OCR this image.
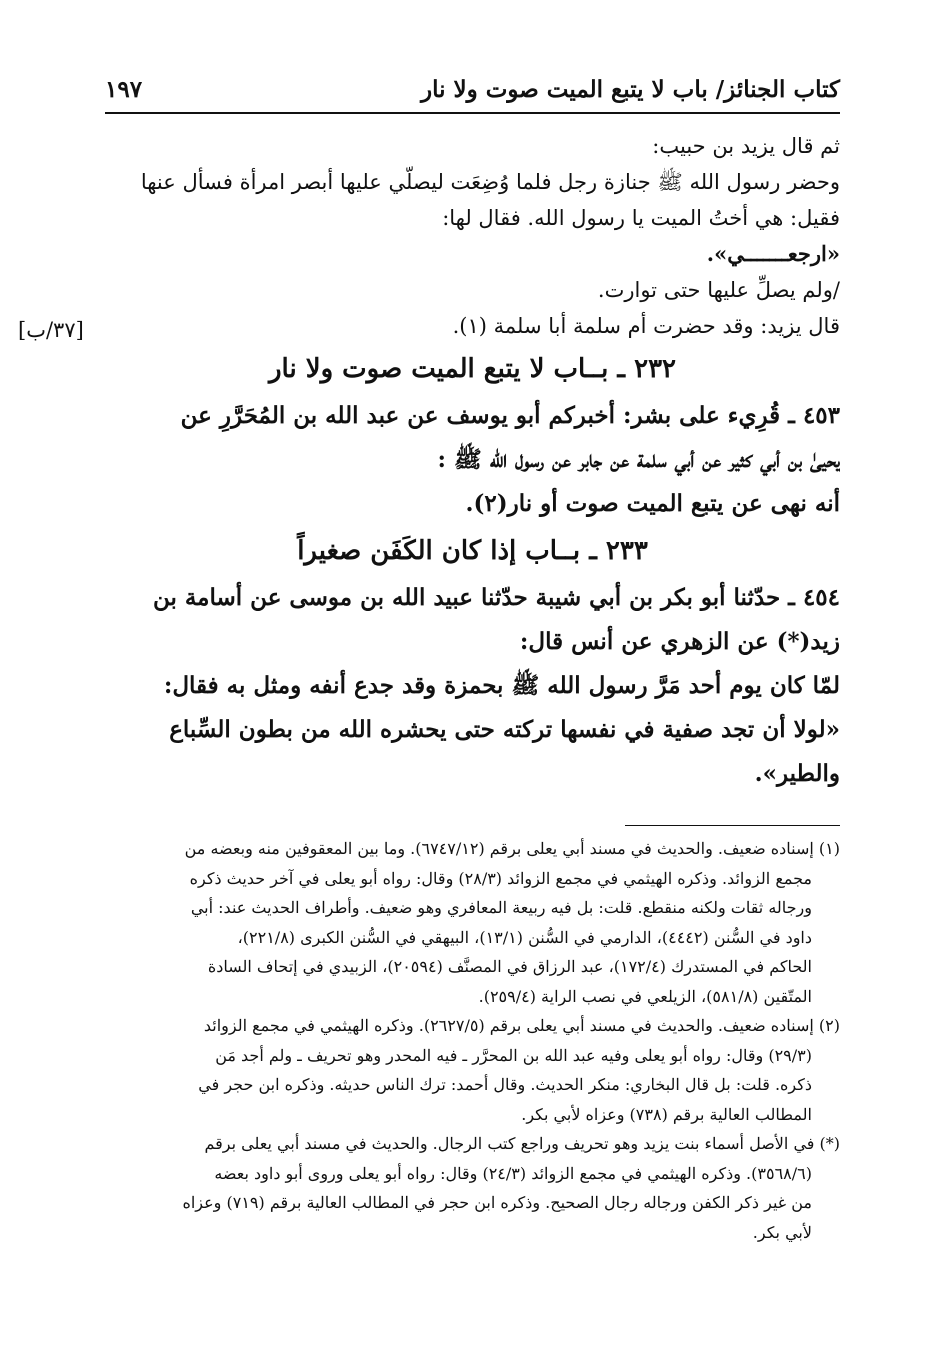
كتاب الجنائز/ باب لا يتبع الميت صوت ولا نار
١٩٧
[٣٧/ب]
ثم قال يزيد بن حبيب:
وحضر رسول الله ﷺ جنازة رجل فلما وُضِعَت ليصلّي عليها أبصر امرأة فسأل عنها
فقيل: هي أختُ الميت يا رسول الله. فقال لها:
«ارجعـــــــي».
/ولم يصلِّ عليها حتى توارت.
قال يزيد: وقد حضرت أم سلمة أبا سلمة (١).
٢٣٢ ـ بــاب لا يتبع الميت صوت ولا نار
٤٥٣ ـ قُرِيء على بشر: أخبركم أبو يوسف عن عبد الله بن المُحَرَّرِ عن
يحيىٰ بن أبي كثير عن أبي سلمة عن جابر عن رسول الله ﷺ :
أنه نهى عن يتبع الميت صوت أو نار(٢).
٢٣٣ ـ بــاب إذا كان الكَفَن صغيراً
٤٥٤ ـ حدّثنا أبو بكر بن أبي شيبة حدّثنا عبيد الله بن موسى عن أسامة بن
زيد(*) عن الزهري عن أنس قال:
لمّا كان يوم أحد مَرَّ رسول الله ﷺ بحمزة وقد جدع أنفه ومثل به فقال:
«لولا أن تجد صفية في نفسها تركته حتى يحشره الله من بطون السِّباع
والطير».
(١) إسناده ضعيف. والحديث في مسند أبي يعلى برقم (٦٧٤٧/١٢). وما بين المعقوفين منه وبعضه من
مجمع الزوائد. وذكره الهيثمي في مجمع الزوائد (٢٨/٣) وقال: رواه أبو يعلى في آخر حديث ذكره
ورجاله ثقات ولكنه منقطع. قلت: بل فيه ربيعة المعافري وهو ضعيف. وأطراف الحديث عند: أبي
داود في السُّنن (٤٤٤٢)، الدارمي في السُّنن (١٣/١)، البيهقي في السُّنن الكبرى (٢٢١/٨)،
الحاكم في المستدرك (١٧٢/٤)، عبد الرزاق في المصنَّف (٢٠٥٩٤)، الزبيدي في إتحاف السادة
المتّقين (٥٨١/٨)، الزيلعي في نصب الراية (٢٥٩/٤).
(٢) إسناده ضعيف. والحديث في مسند أبي يعلى برقم (٢٦٢٧/٥). وذكره الهيثمي في مجمع الزوائد
(٢٩/٣) وقال: رواه أبو يعلى وفيه عبد الله بن المحرَّر ـ فيه المحدر وهو تحريف ـ ولم أجد مَن
ذكره. قلت: بل قال البخاري: منكر الحديث. وقال أحمد: ترك الناس حديثه. وذكره ابن حجر في
المطالب العالية برقم (٧٣٨) وعزاه لأبي بكر.
(*) في الأصل أسماء بنت يزيد وهو تحريف وراجع كتب الرجال. والحديث في مسند أبي يعلى برقم
(٣٥٦٨/٦). وذكره الهيثمي في مجمع الزوائد (٢٤/٣) وقال: رواه أبو يعلى وروى أبو داود بعضه
من غير ذكر الكفن ورجاله رجال الصحيح. وذكره ابن حجر في المطالب العالية برقم (٧١٩) وعزاه
لأبي بكر.
